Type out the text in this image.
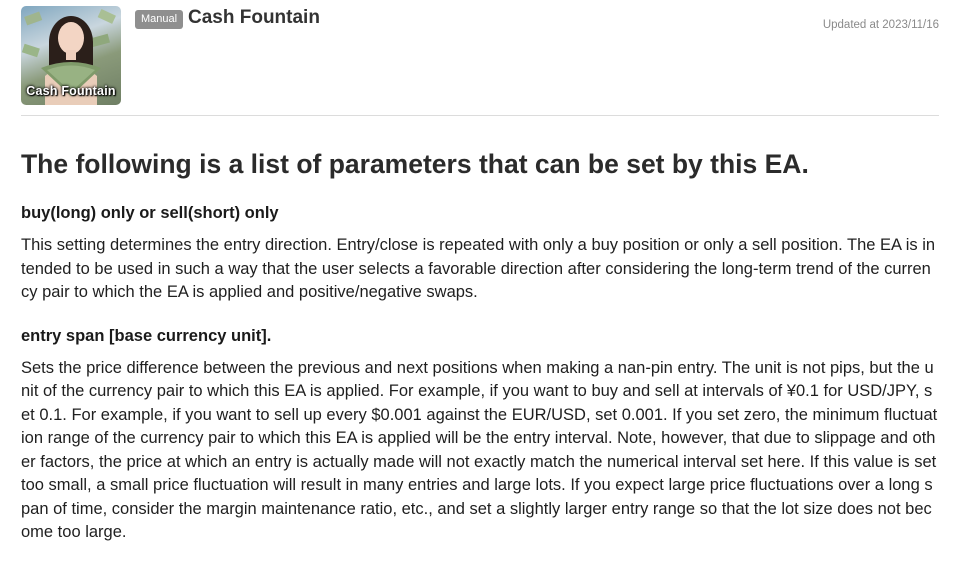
Cash Fountain
Manual Cash Fountain	Updated at 2023/11/16
The following is a list of parameters that can be set by this EA.
buy(long) only or sell(short) only

This setting determines the entry direction. Entry/close is repeated with only a buy position or only a sell position. The EA is intended to be used in such a way that the user selects a favorable direction after considering the long-term trend of the currency pair to which the EA is applied and positive/negative swaps.

entry span [base currency unit].

Sets the price difference between the previous and next positions when making a nan-pin entry. The unit is not pips, but the unit of the currency pair to which this EA is applied. For example, if you want to buy and sell at intervals of ¥0.1 for USD/JPY, set 0.1. For example, if you want to sell up every $0.001 against the EUR/USD, set 0.001. If you set zero, the minimum fluctuation range of the currency pair to which this EA is applied will be the entry interval. Note, however, that due to slippage and other factors, the price at which an entry is actually made will not exactly match the numerical interval set here. If this value is set too small, a small price fluctuation will result in many entries and large lots. If you expect large price fluctuations over a long span of time, consider the margin maintenance ratio, etc., and set a slightly larger entry range so that the lot size does not become too large.
